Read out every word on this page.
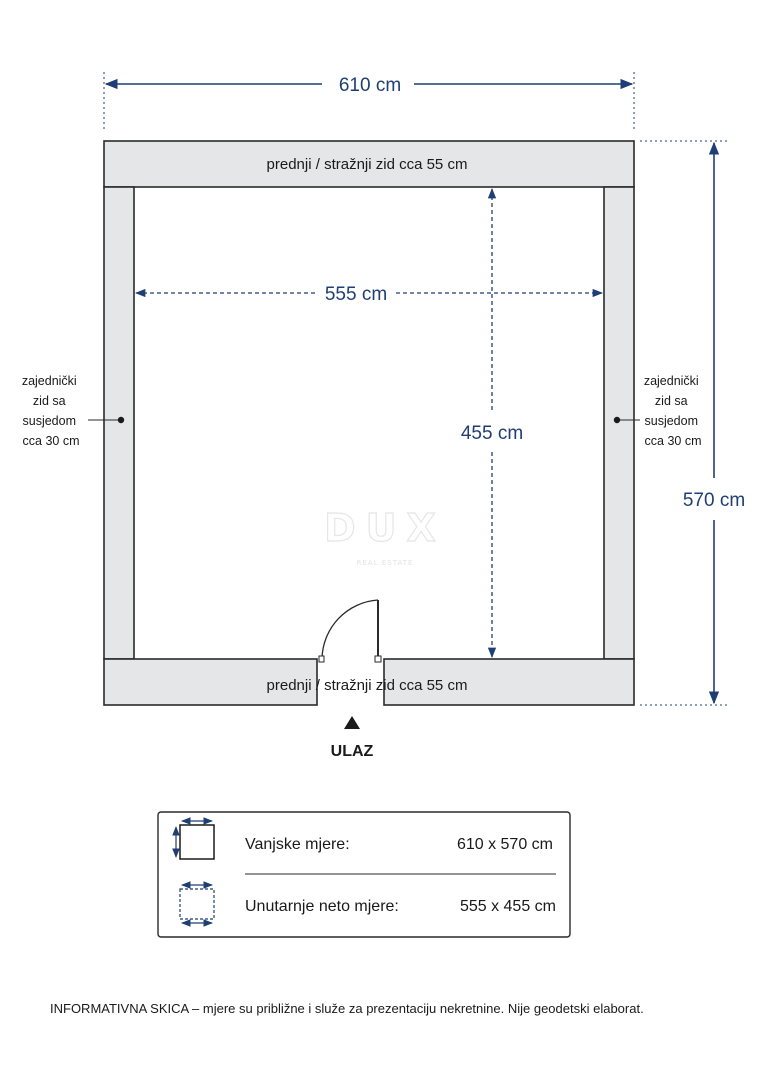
610 cm
570 cm
prednji / stražnji zid cca 55 cm
prednji / stražnji zid cca 55 cm
555 cm
455 cm
DUX
REAL ESTATE
zajednički zid sa susjedom cca 30 cm
zajednički zid sa susjedom cca 30 cm
ULAZ
Vanjske mjere:	610 x 570 cm
Unutarnje neto mjere:	555 x 455 cm
INFORMATIVNA SKICA – mjere su približne i služe za prezentaciju nekretnine. Nije geodetski elaborat.
